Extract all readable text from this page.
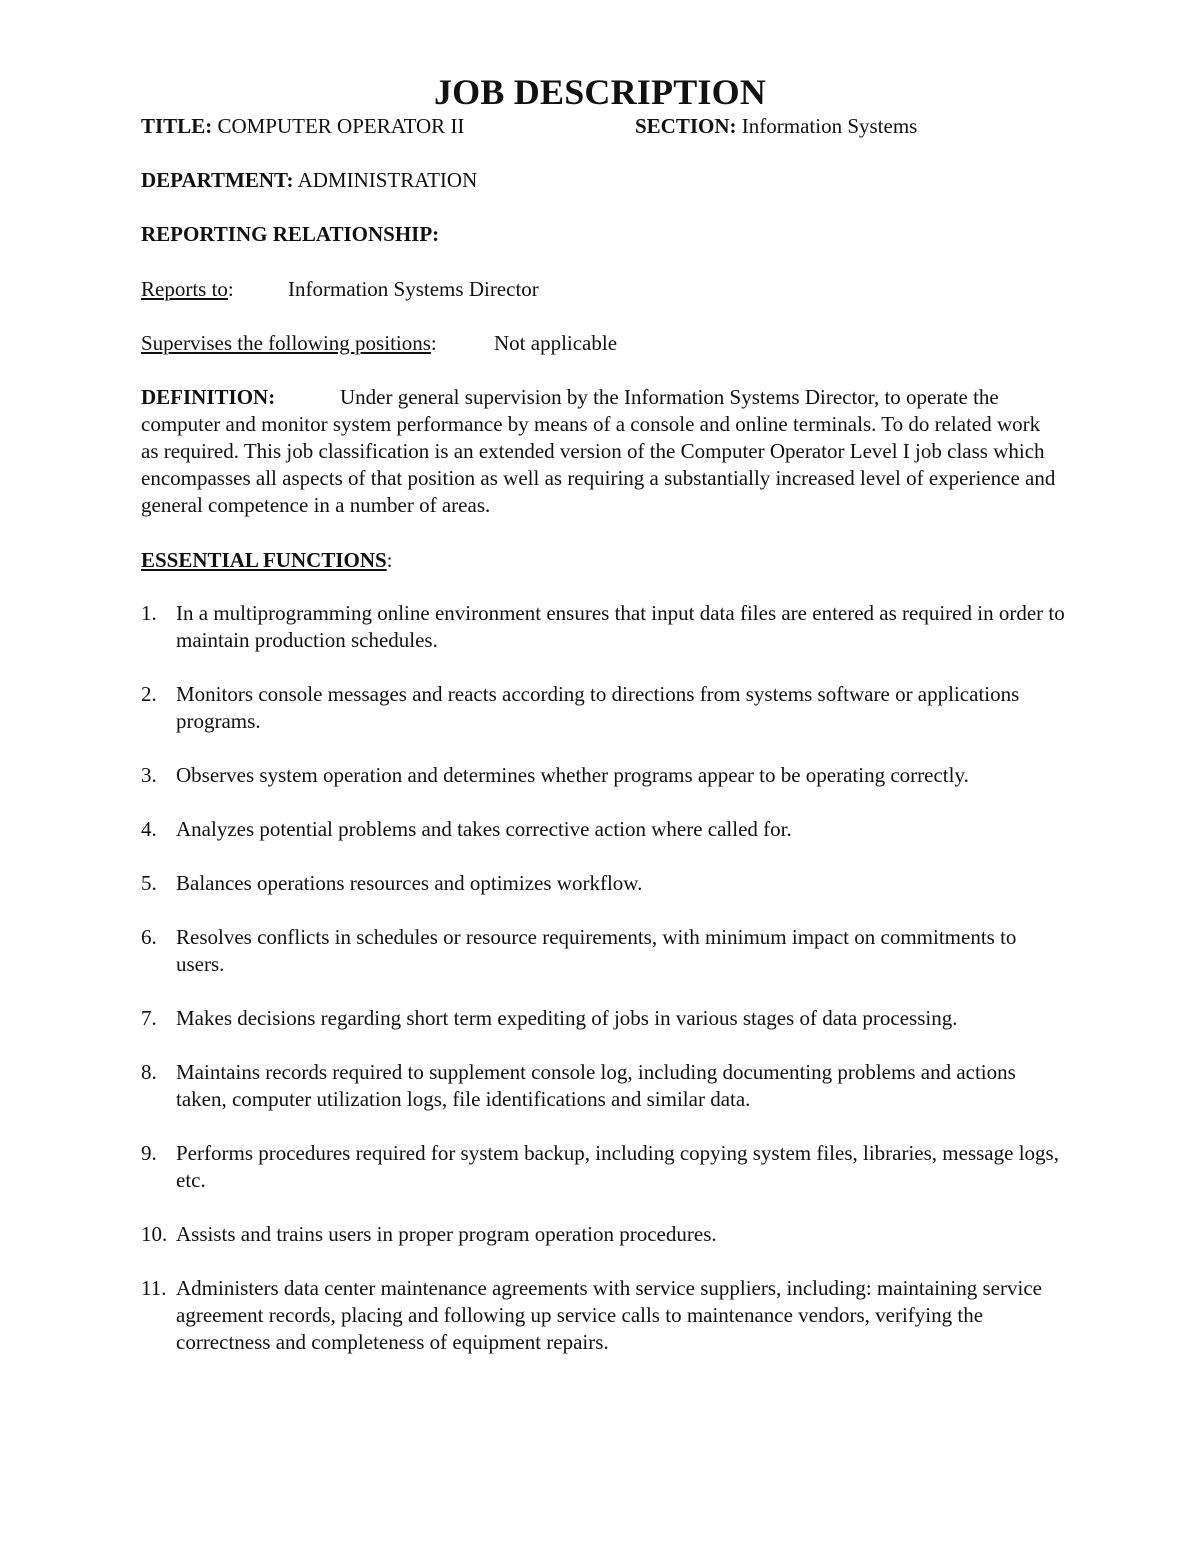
JOB DESCRIPTION
TITLE: COMPUTER OPERATOR II	SECTION: Information Systems
DEPARTMENT: ADMINISTRATION
REPORTING RELATIONSHIP:
Reports to:	Information Systems Director
Supervises the following positions:	Not applicable
DEFINITION:	Under general supervision by the Information Systems Director, to operate the computer and monitor system performance by means of a console and online terminals. To do related work as required. This job classification is an extended version of the Computer Operator Level I job class which encompasses all aspects of that position as well as requiring a substantially increased level of experience and general competence in a number of areas.
ESSENTIAL FUNCTIONS:
1. In a multiprogramming online environment ensures that input data files are entered as required in order to maintain production schedules.
2. Monitors console messages and reacts according to directions from systems software or applications programs.
3. Observes system operation and determines whether programs appear to be operating correctly.
4. Analyzes potential problems and takes corrective action where called for.
5. Balances operations resources and optimizes workflow.
6. Resolves conflicts in schedules or resource requirements, with minimum impact on commitments to users.
7. Makes decisions regarding short term expediting of jobs in various stages of data processing.
8. Maintains records required to supplement console log, including documenting problems and actions taken, computer utilization logs, file identifications and similar data.
9. Performs procedures required for system backup, including copying system files, libraries, message logs, etc.
10. Assists and trains users in proper program operation procedures.
11. Administers data center maintenance agreements with service suppliers, including: maintaining service agreement records, placing and following up service calls to maintenance vendors, verifying the correctness and completeness of equipment repairs.
